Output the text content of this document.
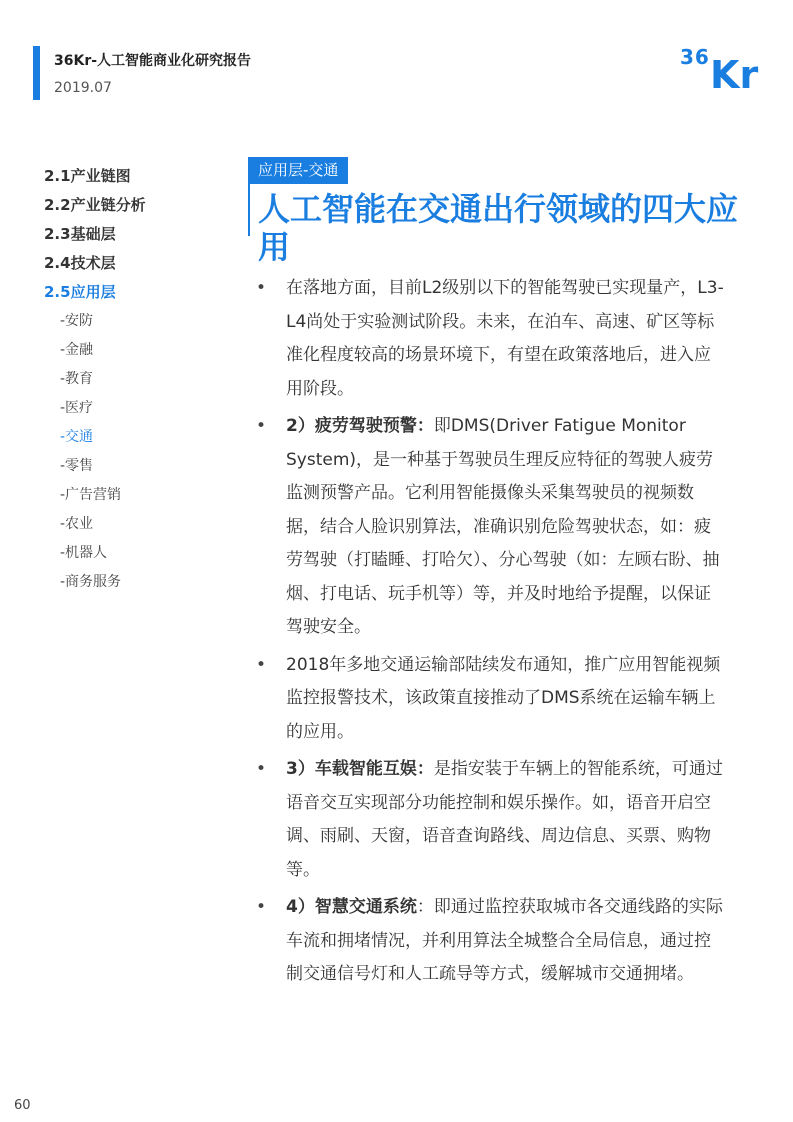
36Kr-人工智能商业化研究报告
2019.07
36 Kr
2.1产业链图
2.2产业链分析
2.3基础层
2.4技术层
2.5应用层
-安防
-金融
-教育
-医疗
-交通
-零售
-广告营销
-农业
-机器人
-商务服务
应用层-交通
人工智能在交通出行领域的四大应用
• 在落地方面，目前L2级别以下的智能驾驶已实现量产，L3-L4尚处于实验测试阶段。未来，在泊车、高速、矿区等标准化程度较高的场景环境下，有望在政策落地后，进入应用阶段。
• 2）疲劳驾驶预警：即DMS(Driver Fatigue Monitor System)，是一种基于驾驶员生理反应特征的驾驶人疲劳监测预警产品。它利用智能摄像头采集驾驶员的视频数据，结合人脸识别算法，准确识别危险驾驶状态，如：疲劳驾驶（打瞌睡、打哈欠）、分心驾驶（如：左顾右盼、抽烟、打电话、玩手机等）等，并及时地给予提醒，以保证驾驶安全。
• 2018年多地交通运输部陆续发布通知，推广应用智能视频监控报警技术，该政策直接推动了DMS系统在运输车辆上的应用。
• 3）车载智能互娱：是指安装于车辆上的智能系统，可通过语音交互实现部分功能控制和娱乐操作。如，语音开启空调、雨刷、天窗，语音查询路线、周边信息、买票、购物等。
• 4）智慧交通系统：即通过监控获取城市各交通线路的实际车流和拥堵情况，并利用算法全城整合全局信息，通过控制交通信号灯和人工疏导等方式，缓解城市交通拥堵。
60
